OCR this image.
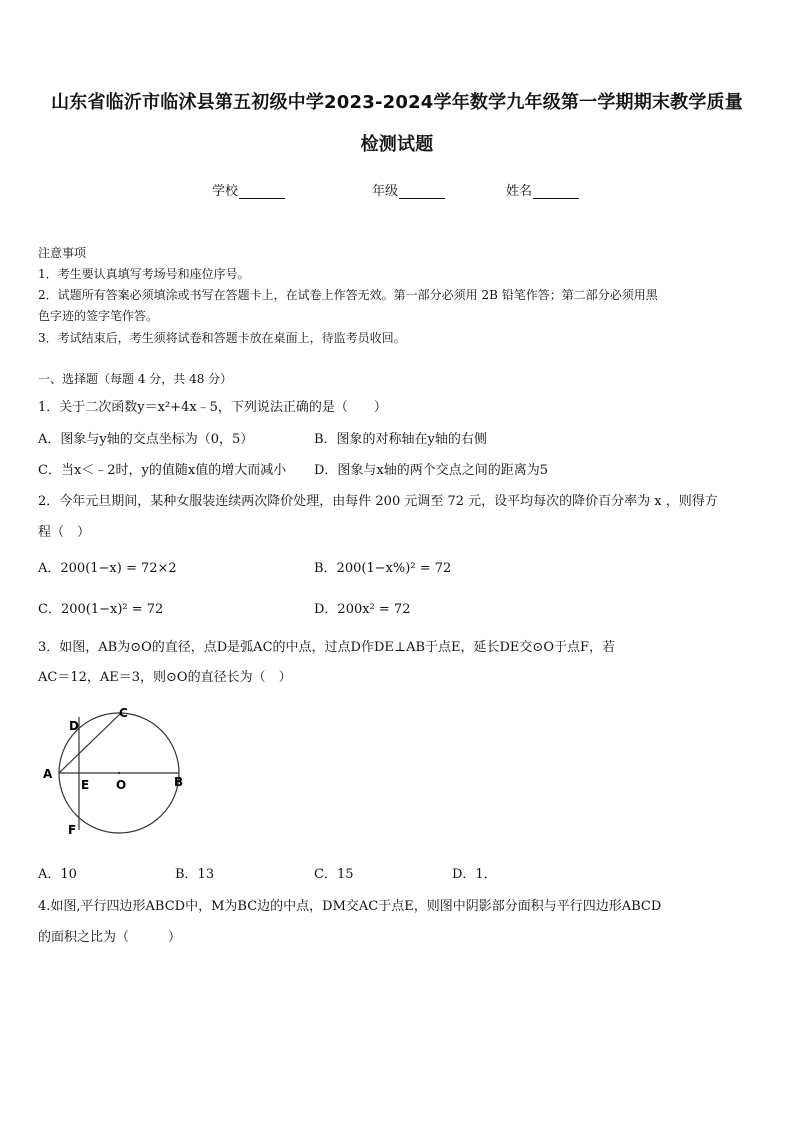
山东省临沂市临沭县第五初级中学2023-2024学年数学九年级第一学期期末教学质量
检测试题
学校	年级	姓名
注意事项
1．考生要认真填写考场号和座位序号。
2．试题所有答案必须填涂或书写在答题卡上，在试卷上作答无效。第一部分必须用 2B 铅笔作答；第二部分必须用黑
色字迹的签字笔作答。
3．考试结束后，考生须将试卷和答题卡放在桌面上，待监考员收回。
一、选择题（每题 4 分，共 48 分）
1．关于二次函数y＝x²+4x﹣5，下列说法正确的是（　　）
A．图象与y轴的交点坐标为（0，5）	B．图象的对称轴在y轴的右侧
C．当x＜﹣2时，y的值随x值的增大而减小 D．图象与x轴的两个交点之间的距离为5
2．今年元旦期间，某种女服装连续两次降价处理，由每件 200 元调至 72 元，设平均每次的降价百分率为 x ，则得方
程（　）
A．200(1−x) = 72×2	B．200(1−x%)² = 72
C．200(1−x)² = 72	D．200x² = 72
3．如图，AB为⊙O的直径，点D是弧AC的中点，过点D作DE⊥AB于点E，延长DE交⊙O于点F，若
AC＝12，AE＝3，则⊙O的直径长为（　）
D
C
A
E O	B
F
A．10	B．13	C．15	D．1．
4.如图,平行四边形ABCD中，M为BC边的中点，DM交AC于点E，则图中阴影部分面积与平行四边形ABCD
的面积之比为（　　　）
